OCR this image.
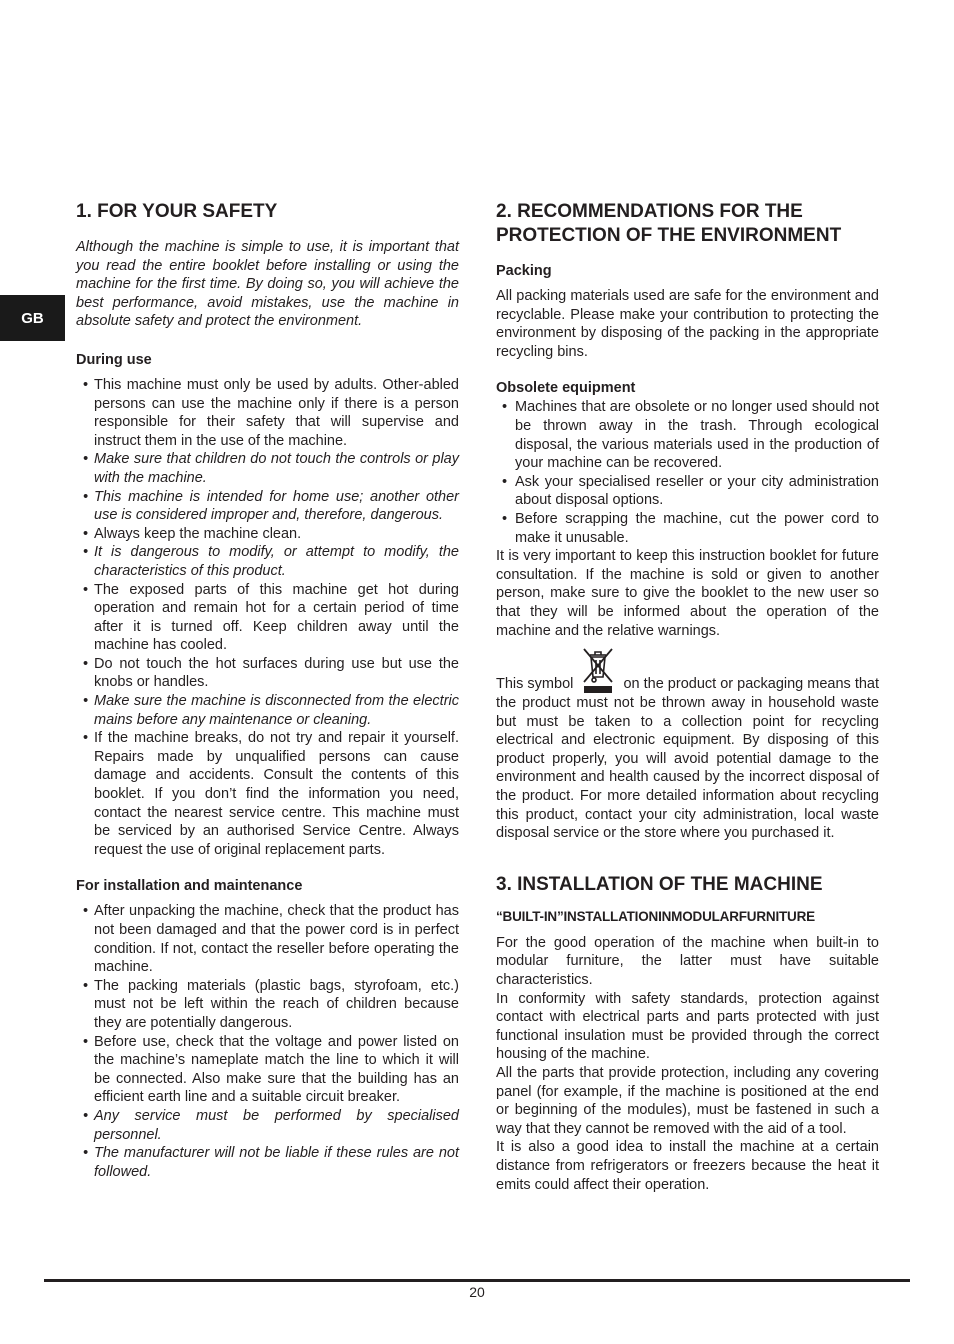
GB
1. FOR YOUR SAFETY

Although the machine is simple to use, it is important that you read the entire booklet before installing or using the machine for the first time. By doing so, you will achieve the best performance, avoid mistakes, use the machine in absolute safety and protect the environment.

During use
• This machine must only be used by adults. Other-abled persons can use the machine only if there is a person responsible for their safety that will supervise and instruct them in the use of the machine.
• Make sure that children do not touch the controls or play with the machine.
• This machine is intended for home use; another other use is considered improper and, therefore, dangerous.
• Always keep the machine clean.
• It is dangerous to modify, or attempt to modify, the characteristics of this product.
• The exposed parts of this machine get hot during operation and remain hot for a certain period of time after it is turned off. Keep children away until the machine has cooled.
• Do not touch the hot surfaces during use but use the knobs or handles.
• Make sure the machine is disconnected from the electric mains before any maintenance or cleaning.
• If the machine breaks, do not try and repair it yourself. Repairs made by unqualified persons can cause damage and accidents. Consult the contents of this booklet. If you don’t find the information you need, contact the nearest service centre. This machine must be serviced by an authorised Service Centre. Always request the use of original replacement parts.
For installation and maintenance
• After unpacking the machine, check that the product has not been damaged and that the power cord is in perfect condition. If not, contact the reseller before operating the machine.
• The packing materials (plastic bags, styrofoam, etc.) must not be left within the reach of children because they are potentially dangerous.
• Before use, check that the voltage and power listed on the machine’s nameplate match the line to which it will be connected. Also make sure that the building has an efficient earth line and a suitable circuit breaker.
• Any service must be performed by specialised personnel.
• The manufacturer will not be liable if these rules are not followed.
2. RECOMMENDATIONS FOR THE PROTECTION OF THE ENVIRONMENT
Packing

All packing materials used are safe for the environment and recyclable. Please make your contribution to protecting the environment by disposing of the packing in the appropriate recycling bins.

Obsolete equipment
• Machines that are obsolete or no longer used should not be thrown away in the trash. Through ecological disposal, the various materials used in the production of your machine can be recovered.
• Ask your specialised reseller or your city administration about disposal options.
• Before scrapping the machine, cut the power cord to make it unusable.

It is very important to keep this instruction booklet for future consultation. If the machine is sold or given to another person, make sure to give the booklet to the new user so that they will be informed about the operation of the machine and the relative warnings.

This symbol	on the product or packaging means that the product must not be thrown away in household waste but must be taken to a collection point for recycling electrical and electronic equipment. By disposing of this product properly, you will avoid potential damage to the environment and health caused by the incorrect disposal of the product. For more detailed information about recycling this product, contact your city administration, local waste disposal service or the store where you purchased it.

3. INSTALLATION OF THE MACHINE
“BUILT-IN”INSTALLATIONINMODULARFURNITURE

For the good operation of the machine when built-in to modular furniture, the latter must have suitable characteristics.

In conformity with safety standards, protection against contact with electrical parts and parts protected with just functional insulation must be provided through the correct housing of the machine.

All the parts that provide protection, including any covering panel (for example, if the machine is positioned at the end or beginning of the modules), must be fastened in such a way that they cannot be removed with the aid of a tool.

It is also a good idea to install the machine at a certain distance from refrigerators or freezers because the heat it emits could affect their operation.

20
